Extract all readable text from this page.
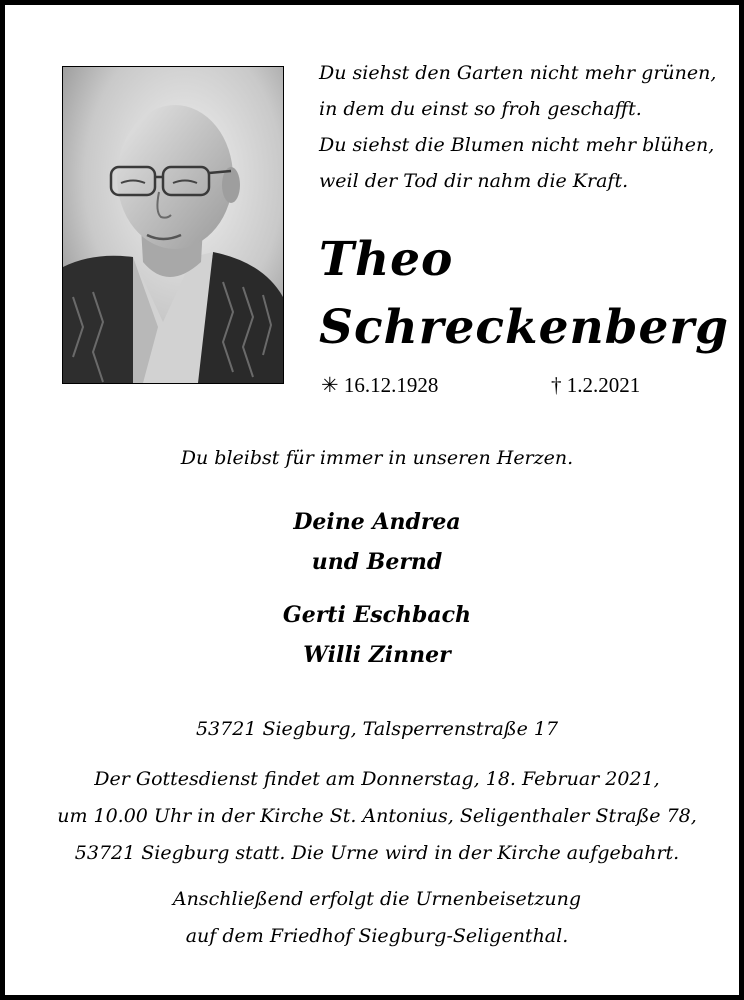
Du siehst den Garten nicht mehr grünen,
in dem du einst so froh geschafft.
Du siehst die Blumen nicht mehr blühen,
weil der Tod dir nahm die Kraft.
Theo
Schreckenberg
✳ 16.12.1928	† 1.2.2021
Du bleibst für immer in unseren Herzen.
Deine Andrea
und Bernd
Gerti Eschbach
Willi Zinner
53721 Siegburg, Talsperrenstraße 17
Der Gottesdienst findet am Donnerstag, 18. Februar 2021,
um 10.00 Uhr in der Kirche St. Antonius, Seligenthaler Straße 78,
53721 Siegburg statt. Die Urne wird in der Kirche aufgebahrt.
Anschließend erfolgt die Urnenbeisetzung
auf dem Friedhof Siegburg-Seligenthal.
